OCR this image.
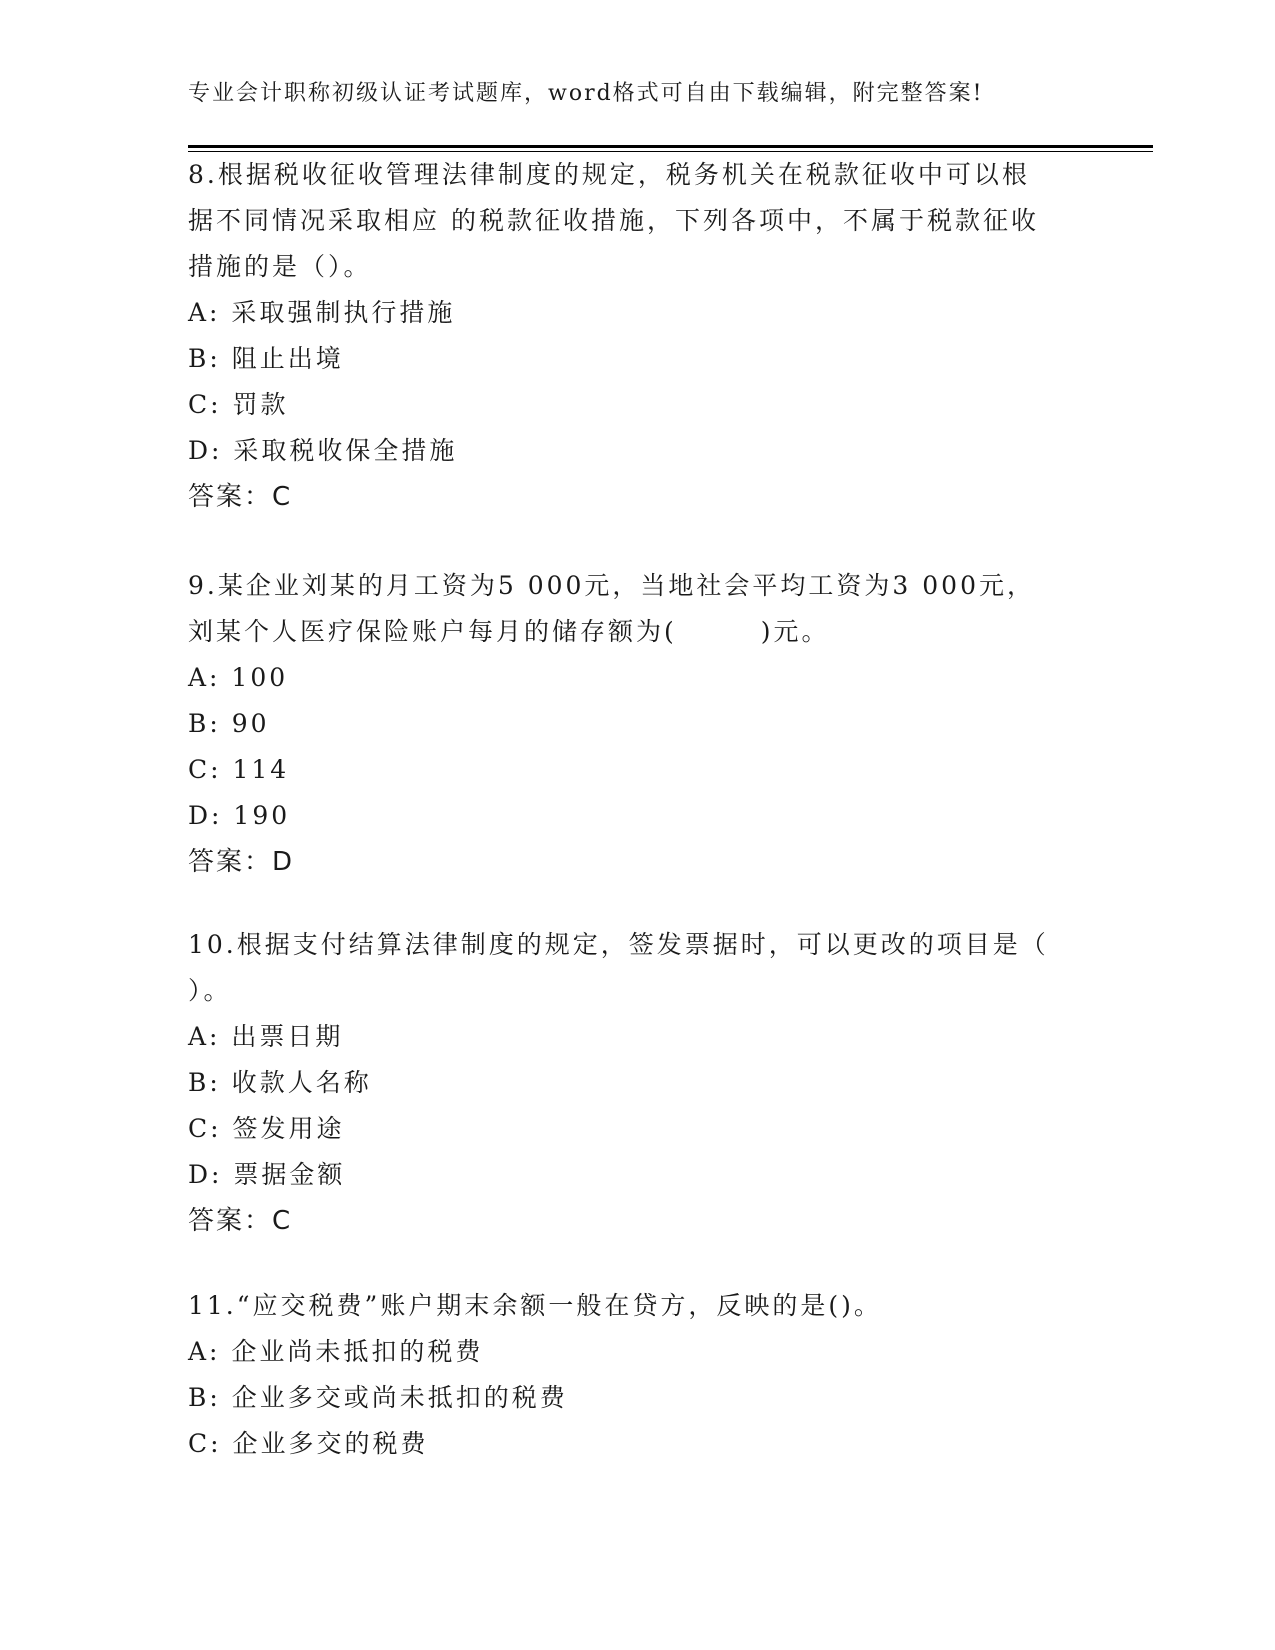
专业会计职称初级认证考试题库，word格式可自由下载编辑，附完整答案!
8.根据税收征收管理法律制度的规定，税务机关在税款征收中可以根
据不同情况采取相应 的税款征收措施，下列各项中，不属于税款征收
措施的是（）。
A: 采取强制执行措施
B: 阻止出境
C: 罚款
D: 采取税收保全措施
答案：C
9.某企业刘某的月工资为5 000元，当地社会平均工资为3 000元，
刘某个人医疗保险账户每月的储存额为(　　　)元。
A: 100
B: 90
C: 114
D: 190
答案：D
10.根据支付结算法律制度的规定，签发票据时，可以更改的项目是（
）。
A: 出票日期
B: 收款人名称
C: 签发用途
D: 票据金额
答案：C
11.“应交税费”账户期末余额一般在贷方，反映的是()。
A: 企业尚未抵扣的税费
B: 企业多交或尚未抵扣的税费
C: 企业多交的税费
